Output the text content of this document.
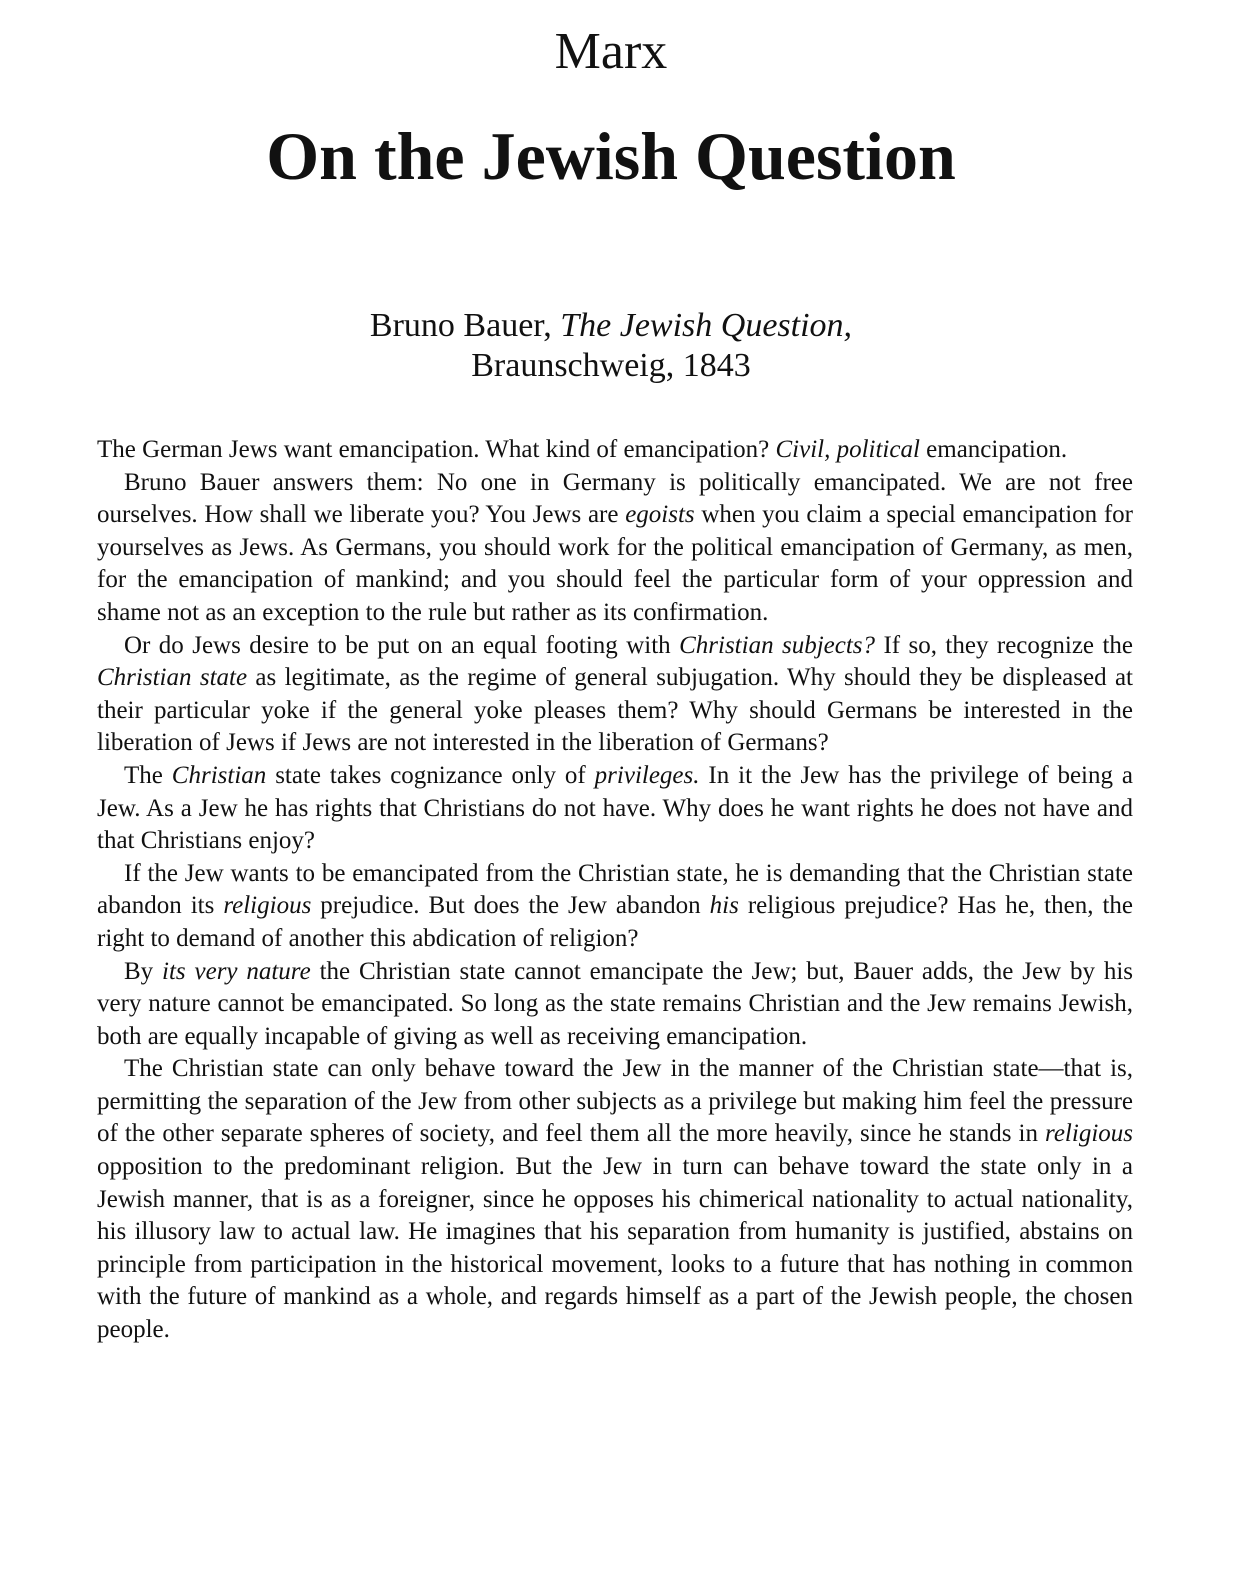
Marx
On the Jewish Question
Bruno Bauer, The Jewish Question,
Braunschweig, 1843

The German Jews want emancipation. What kind of emancipation? Civil, political emancipation.

Bruno Bauer answers them: No one in Germany is politically emancipated. We are not free ourselves. How shall we liberate you? You Jews are egoists when you claim a special emancipation for yourselves as Jews. As Germans, you should work for the political emancipation of Germany, as men, for the emancipation of mankind; and you should feel the particular form of your oppression and shame not as an exception to the rule but rather as its confirmation.

Or do Jews desire to be put on an equal footing with Christian subjects? If so, they recognize the Christian state as legitimate, as the regime of general subjugation. Why should they be displeased at their particular yoke if the general yoke pleases them? Why should Germans be interested in the liberation of Jews if Jews are not interested in the liberation of Germans?

The Christian state takes cognizance only of privileges. In it the Jew has the privilege of being a Jew. As a Jew he has rights that Christians do not have. Why does he want rights he does not have and that Christians enjoy?

If the Jew wants to be emancipated from the Christian state, he is demanding that the Christian state abandon its religious prejudice. But does the Jew abandon his religious prejudice? Has he, then, the right to demand of another this abdication of religion?

By its very nature the Christian state cannot emancipate the Jew; but, Bauer adds, the Jew by his very nature cannot be emancipated. So long as the state remains Christian and the Jew remains Jewish, both are equally incapable of giving as well as receiving emancipation.

The Christian state can only behave toward the Jew in the manner of the Christian state—that is, permitting the separation of the Jew from other subjects as a privilege but making him feel the pressure of the other separate spheres of society, and feel them all the more heavily, since he stands in religious opposition to the predominant religion. But the Jew in turn can behave toward the state only in a Jewish manner, that is as a foreigner, since he opposes his chimerical nationality to actual nationality, his illusory law to actual law. He imagines that his separation from humanity is justified, abstains on principle from participation in the historical movement, looks to a future that has nothing in common with the future of mankind as a whole, and regards himself as a part of the Jewish people, the chosen people.
